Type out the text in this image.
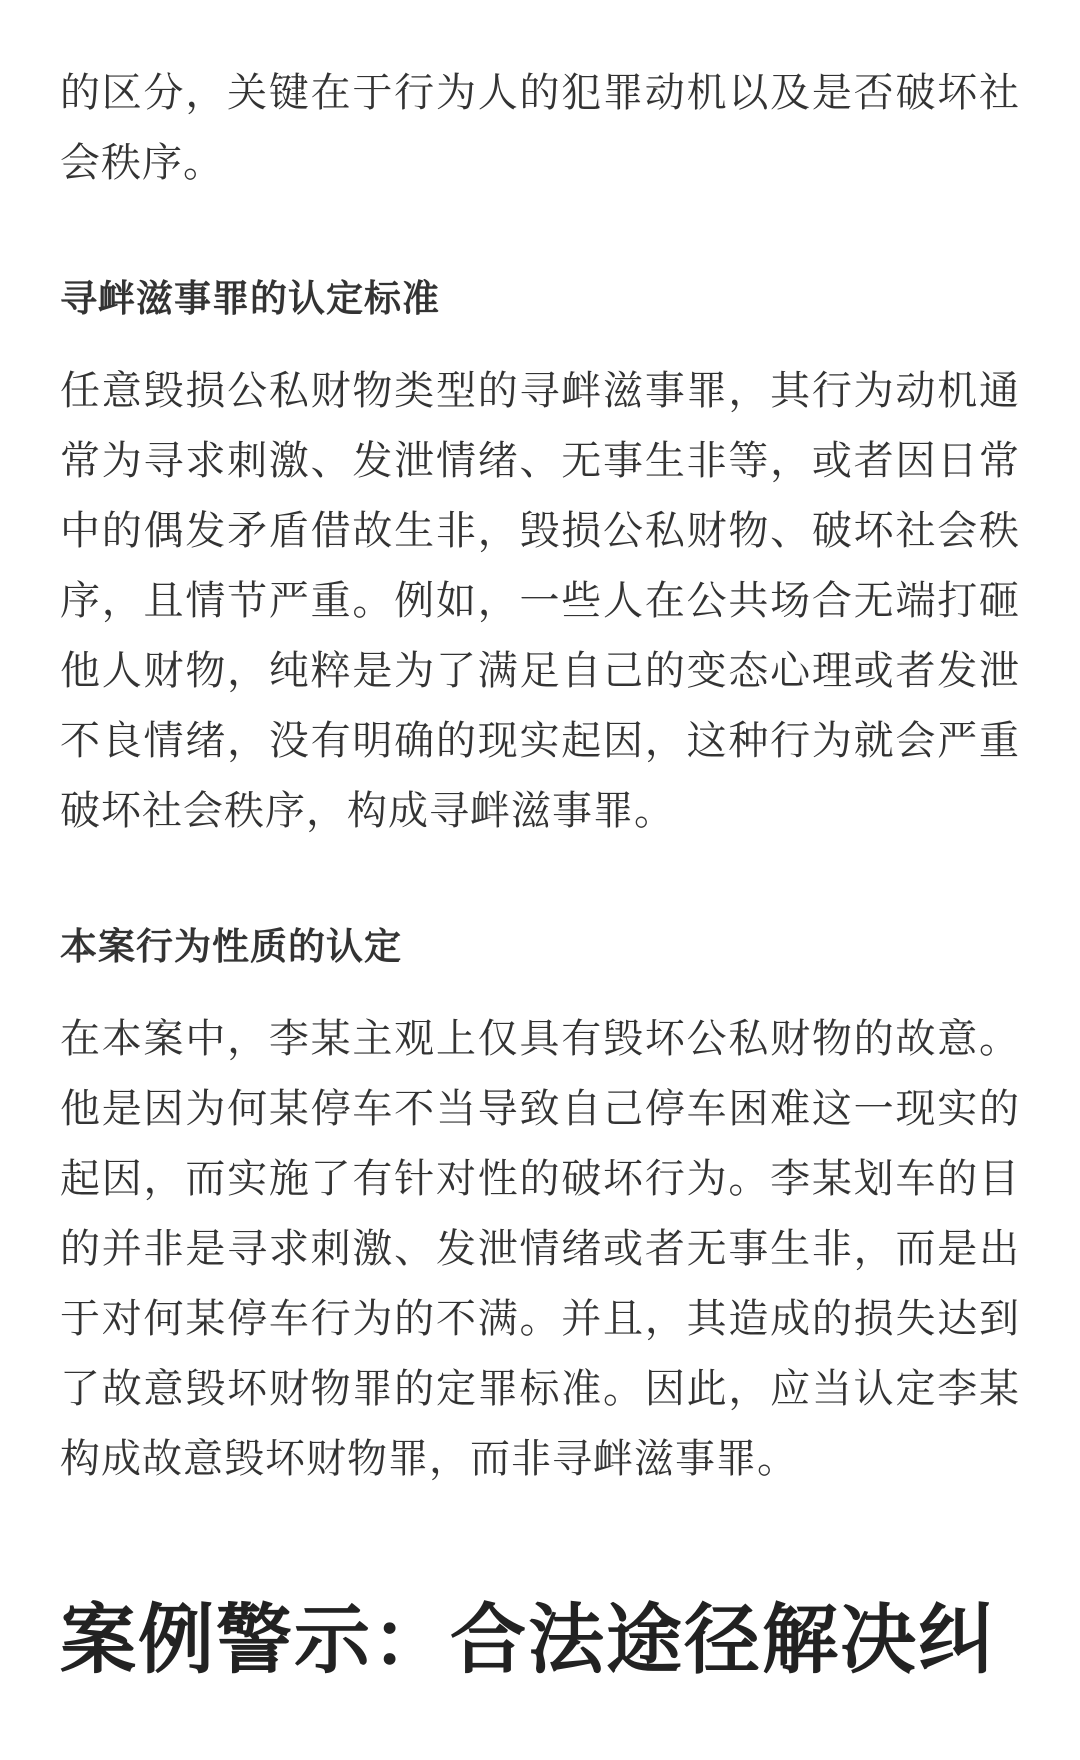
的区分，关键在于行为人的犯罪动机以及是否破坏社会秩序。

寻衅滋事罪的认定标准

任意毁损公私财物类型的寻衅滋事罪，其行为动机通常为寻求刺激、发泄情绪、无事生非等，或者因日常中的偶发矛盾借故生非，毁损公私财物、破坏社会秩序，且情节严重。例如，一些人在公共场合无端打砸他人财物，纯粹是为了满足自己的变态心理或者发泄不良情绪，没有明确的现实起因，这种行为就会严重破坏社会秩序，构成寻衅滋事罪。

本案行为性质的认定

在本案中，李某主观上仅具有毁坏公私财物的故意。他是因为何某停车不当导致自己停车困难这一现实的起因，而实施了有针对性的破坏行为。李某划车的目的并非是寻求刺激、发泄情绪或者无事生非，而是出于对何某停车行为的不满。并且，其造成的损失达到了故意毁坏财物罪的定罪标准。因此，应当认定李某构成故意毁坏财物罪，而非寻衅滋事罪。

案例警示：合法途径解决纠
